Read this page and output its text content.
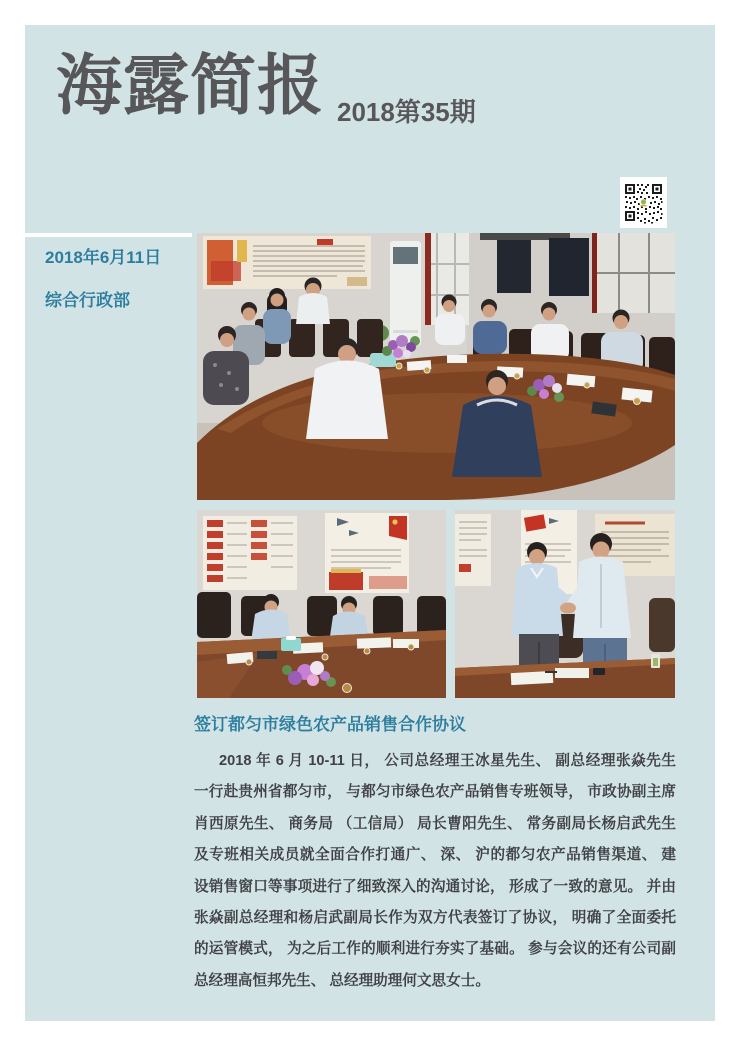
海露简报 2018第35期
2018年6月11日
综合行政部
签订都匀市绿色农产品销售合作协议
2018 年 6 月 10-11 日， 公司总经理王冰星先生、 副总经理张焱先生
一行赴贵州省都匀市， 与都匀市绿色农产品销售专班领导， 市政协副主席
肖西原先生、 商务局 （工信局） 局长曹阳先生、 常务副局长杨启武先生
及专班相关成员就全面合作打通广、 深、 沪的都匀农产品销售渠道、 建
设销售窗口等事项进行了细致深入的沟通讨论， 形成了一致的意见。 并由
张焱副总经理和杨启武副局长作为双方代表签订了协议， 明确了全面委托
的运管模式， 为之后工作的顺利进行夯实了基础。 参与会议的还有公司副
总经理高恒邦先生、 总经理助理何文思女士。
